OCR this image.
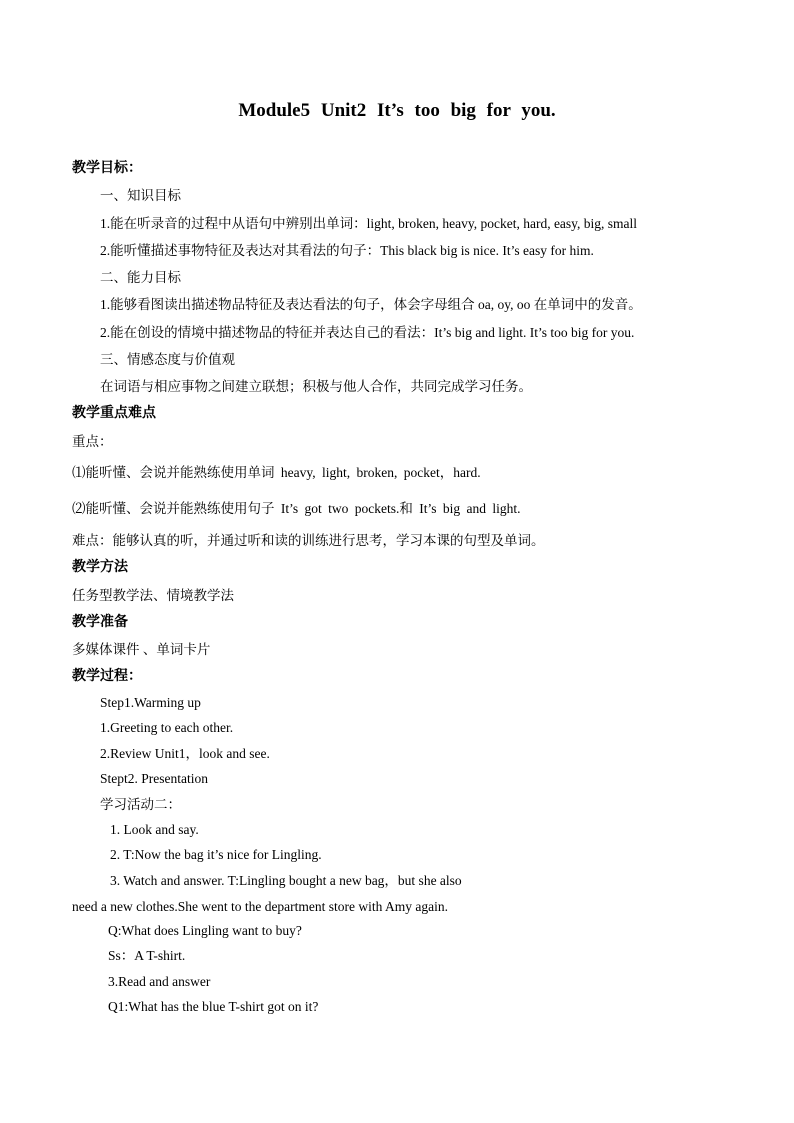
Module5 Unit2 It’s too big for you.
教学目标：
一、知识目标
1.能在听录音的过程中从语句中辨别出单词：light, broken, heavy, pocket, hard, easy, big, small
2.能听懂描述事物特征及表达对其看法的句子：This black big is nice. It’s easy for him.
二、能力目标
1.能够看图读出描述物品特征及表达看法的句子，体会字母组合 oa, oy, oo 在单词中的发音。
2.能在创设的情境中描述物品的特征并表达自己的看法：It’s big and light. It’s too big for you.
三、情感态度与价值观
在词语与相应事物之间建立联想；积极与他人合作，共同完成学习任务。
教学重点难点
重点：
⑴能听懂、会说并能熟练使用单词 heavy, light, broken, pocket，hard.
⑵能听懂、会说并能熟练使用句子 It’s got two pockets.和 It’s big and light.
难点：能够认真的听，并通过听和读的训练进行思考，学习本课的句型及单词。
教学方法
任务型教学法、情境教学法
教学准备
多媒体课件 、单词卡片
教学过程：
Step1.Warming up
1.Greeting to each other.
2.Review Unit1，look and see.
Stept2. Presentation
学习活动二：
1. Look and say.
2. T:Now the bag it’s nice for Lingling.
3. Watch and answer. T:Lingling bought a new bag，but she also
need a new clothes.She went to the department store with Amy again.
Q:What does Lingling want to buy?
Ss：A T-shirt.
3.Read and answer
Q1:What has the blue T-shirt got on it?
